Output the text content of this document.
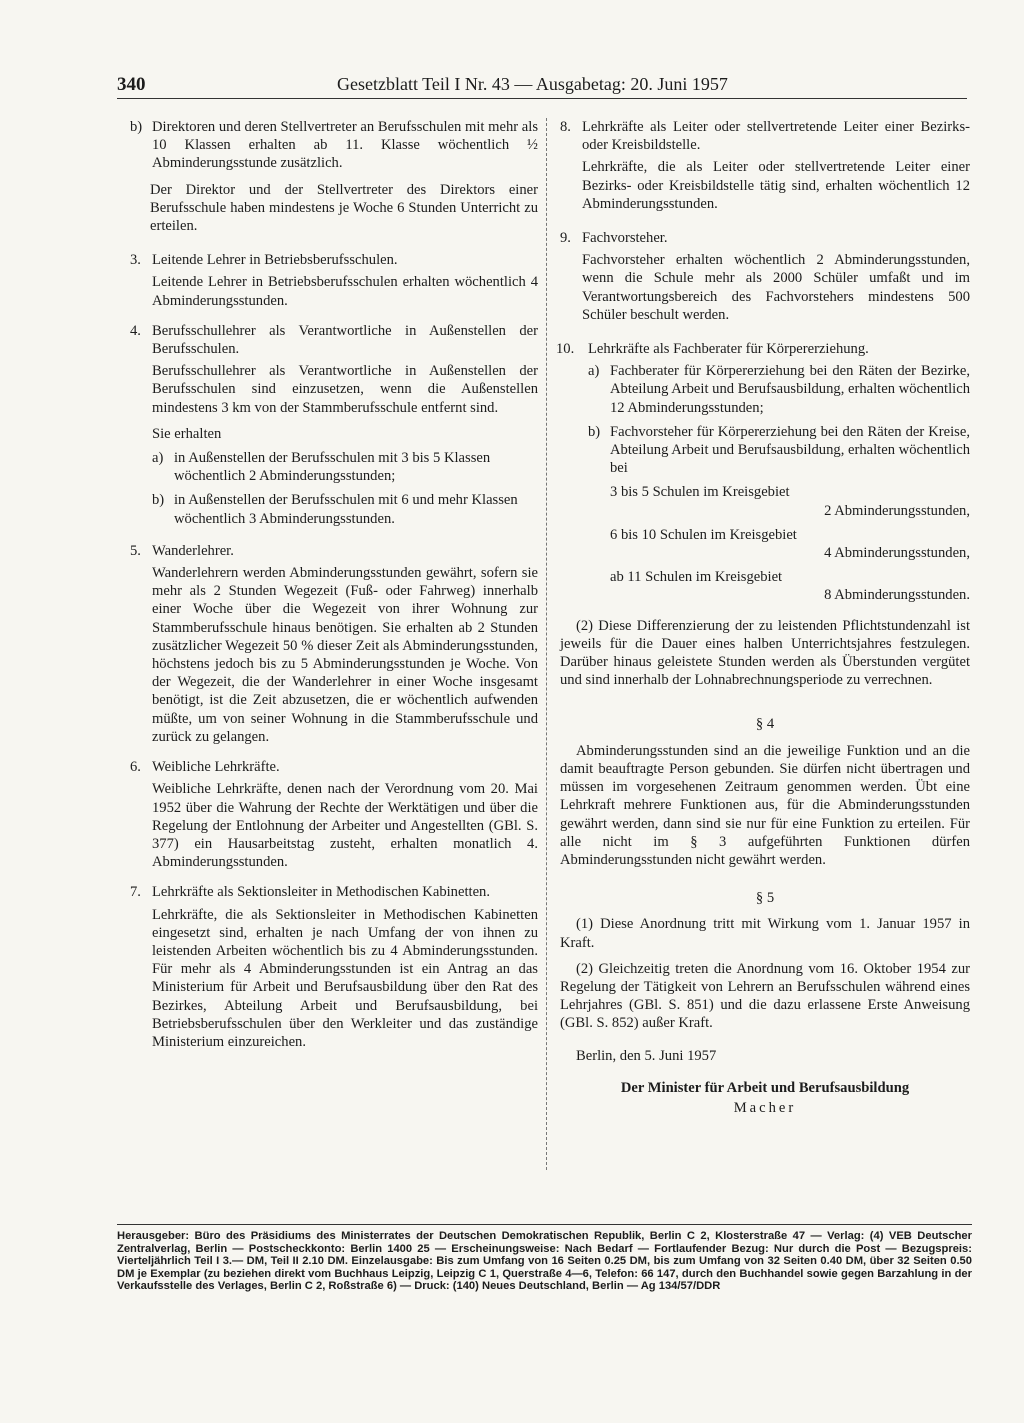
340	Gesetzblatt Teil I Nr. 43 — Ausgabetag: 20. Juni 1957
b) Direktoren und deren Stellvertreter an Berufsschulen mit mehr als 10 Klassen erhalten ab 11. Klasse wöchentlich ½ Abminderungsstunde zusätzlich.

Der Direktor und der Stellvertreter des Direktors einer Berufsschule haben mindestens je Woche 6 Stunden Unterricht zu erteilen.

3. Leitende Lehrer in Betriebsberufsschulen.

Leitende Lehrer in Betriebsberufsschulen erhalten wöchentlich 4 Abminderungsstunden.

4. Berufsschullehrer als Verantwortliche in Außenstellen der Berufsschulen.

Berufsschullehrer als Verantwortliche in Außenstellen der Berufsschulen sind einzusetzen, wenn die Außenstellen mindestens 3 km von der Stammberufsschule entfernt sind.

Sie erhalten

a) in Außenstellen der Berufsschulen mit 3 bis 5 Klassen

wöchentlich 2 Abminderungsstunden;

b) in Außenstellen der Berufsschulen mit 6 und mehr Klassen

wöchentlich 3 Abminderungsstunden.

5. Wanderlehrer.

Wanderlehrern werden Abminderungsstunden gewährt, sofern sie mehr als 2 Stunden Wegezeit (Fuß- oder Fahrweg) innerhalb einer Woche über die Wegezeit von ihrer Wohnung zur Stammberufsschule hinaus benötigen. Sie erhalten ab 2 Stunden zusätzlicher Wegezeit 50 % dieser Zeit als Abminderungsstunden, höchstens jedoch bis zu 5 Abminderungsstunden je Woche. Von der Wegezeit, die der Wanderlehrer in einer Woche insgesamt benötigt, ist die Zeit abzusetzen, die er wöchentlich aufwenden müßte, um von seiner Wohnung in die Stammberufsschule und zurück zu gelangen.

6. Weibliche Lehrkräfte.

Weibliche Lehrkräfte, denen nach der Verordnung vom 20. Mai 1952 über die Wahrung der Rechte der Werktätigen und über die Regelung der Entlohnung der Arbeiter und Angestellten (GBl. S. 377) ein Hausarbeitstag zusteht, erhalten monatlich 4. Abminderungsstunden.

7. Lehrkräfte als Sektionsleiter in Methodischen Kabinetten.

Lehrkräfte, die als Sektionsleiter in Methodischen Kabinetten eingesetzt sind, erhalten je nach Umfang der von ihnen zu leistenden Arbeiten wöchentlich bis zu 4 Abminderungsstunden. Für mehr als 4 Abminderungsstunden ist ein Antrag an das Ministerium für Arbeit und Berufsausbildung über den Rat des Bezirkes, Abteilung Arbeit und Berufsausbildung, bei Betriebsberufsschulen über den Werkleiter und das zuständige Ministerium einzureichen.

8. Lehrkräfte als Leiter oder stellvertretende Leiter einer Bezirks- oder Kreisbildstelle.

Lehrkräfte, die als Leiter oder stellvertretende Leiter einer Bezirks- oder Kreisbildstelle tätig sind, erhalten wöchentlich 12 Abminderungsstunden.

9. Fachvorsteher.

Fachvorsteher erhalten wöchentlich 2 Abminderungsstunden, wenn die Schule mehr als 2000 Schüler umfaßt und im Verantwortungsbereich des Fachvorstehers mindestens 500 Schüler beschult werden.

10. Lehrkräfte als Fachberater für Körpererziehung.

a) Fachberater für Körpererziehung bei den Räten der Bezirke, Abteilung Arbeit und Berufsausbildung, erhalten wöchentlich 12 Abminderungsstunden;

b) Fachvorsteher für Körpererziehung bei den Räten der Kreise, Abteilung Arbeit und Berufsausbildung, erhalten wöchentlich bei

3 bis 5 Schulen im Kreisgebiet
2 Abminderungsstunden,
6 bis 10 Schulen im Kreisgebiet
4 Abminderungsstunden,
ab 11 Schulen im Kreisgebiet
8 Abminderungsstunden.

(2) Diese Differenzierung der zu leistenden Pflichtstundenzahl ist jeweils für die Dauer eines halben Unterrichtsjahres festzulegen. Darüber hinaus geleistete Stunden werden als Überstunden vergütet und sind innerhalb der Lohnabrechnungsperiode zu verrechnen.

§ 4

Abminderungsstunden sind an die jeweilige Funktion und an die damit beauftragte Person gebunden. Sie dürfen nicht übertragen und müssen im vorgesehenen Zeitraum genommen werden. Übt eine Lehrkraft mehrere Funktionen aus, für die Abminderungsstunden gewährt werden, dann sind sie nur für eine Funktion zu erteilen. Für alle nicht im § 3 aufgeführten Funktionen dürfen Abminderungsstunden nicht gewährt werden.

§ 5

(1) Diese Anordnung tritt mit Wirkung vom 1. Januar 1957 in Kraft.

(2) Gleichzeitig treten die Anordnung vom 16. Oktober 1954 zur Regelung der Tätigkeit von Lehrern an Berufsschulen während eines Lehrjahres (GBl. S. 851) und die dazu erlassene Erste Anweisung (GBl. S. 852) außer Kraft.

Berlin, den 5. Juni 1957

Der Minister für Arbeit und Berufsausbildung

Macher

Herausgeber: Büro des Präsidiums des Ministerrates der Deutschen Demokratischen Republik, Berlin C 2, Klosterstraße 47 — Verlag: (4) VEB Deutscher Zentralverlag, Berlin — Postscheckkonto: Berlin 1400 25 — Erscheinungsweise: Nach Bedarf — Fortlaufender Bezug: Nur durch die Post — Bezugspreis: Vierteljährlich Teil I 3.— DM, Teil II 2.10 DM. Einzelausgabe: Bis zum Umfang von 16 Seiten 0.25 DM, bis zum Umfang von 32 Seiten 0.40 DM, über 32 Seiten 0.50 DM je Exemplar (zu beziehen direkt vom Buchhaus Leipzig, Leipzig C 1, Querstraße 4—6, Telefon: 66 147, durch den Buchhandel sowie gegen Barzahlung in der Verkaufsstelle des Verlages, Berlin C 2, Roßstraße 6) — Druck: (140) Neues Deutschland, Berlin — Ag 134/57/DDR
